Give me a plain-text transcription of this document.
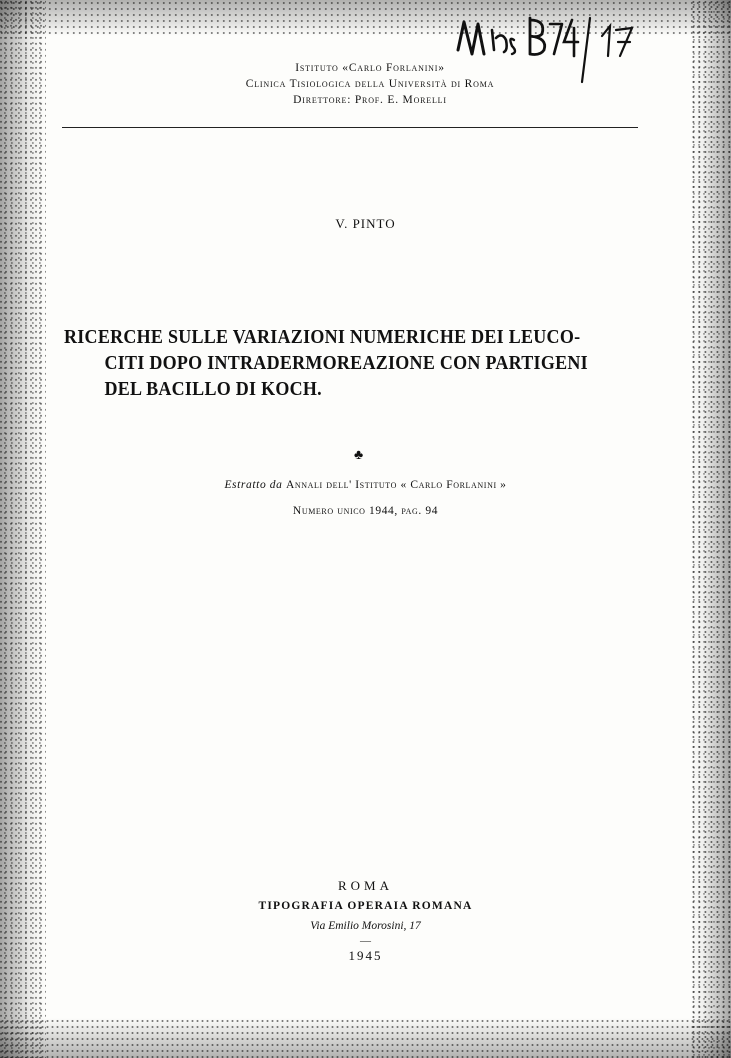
Istituto «Carlo Forlanini»
Clinica Tisiologica della Università di Roma
Direttore: Prof. E. Morelli
V. PINTO
RICERCHE SULLE VARIAZIONI NUMERICHE DEI LEUCO-
CITI DOPO INTRADERMOREAZIONE CON PARTIGENI
DEL BACILLO DI KOCH.
♣
Estratto da Annali dell' Istituto « Carlo Forlanini »
Numero unico 1944, pag. 94
ROMA
TIPOGRAFIA OPERAIA ROMANA
Via Emilio Morosini, 17
—
1945
